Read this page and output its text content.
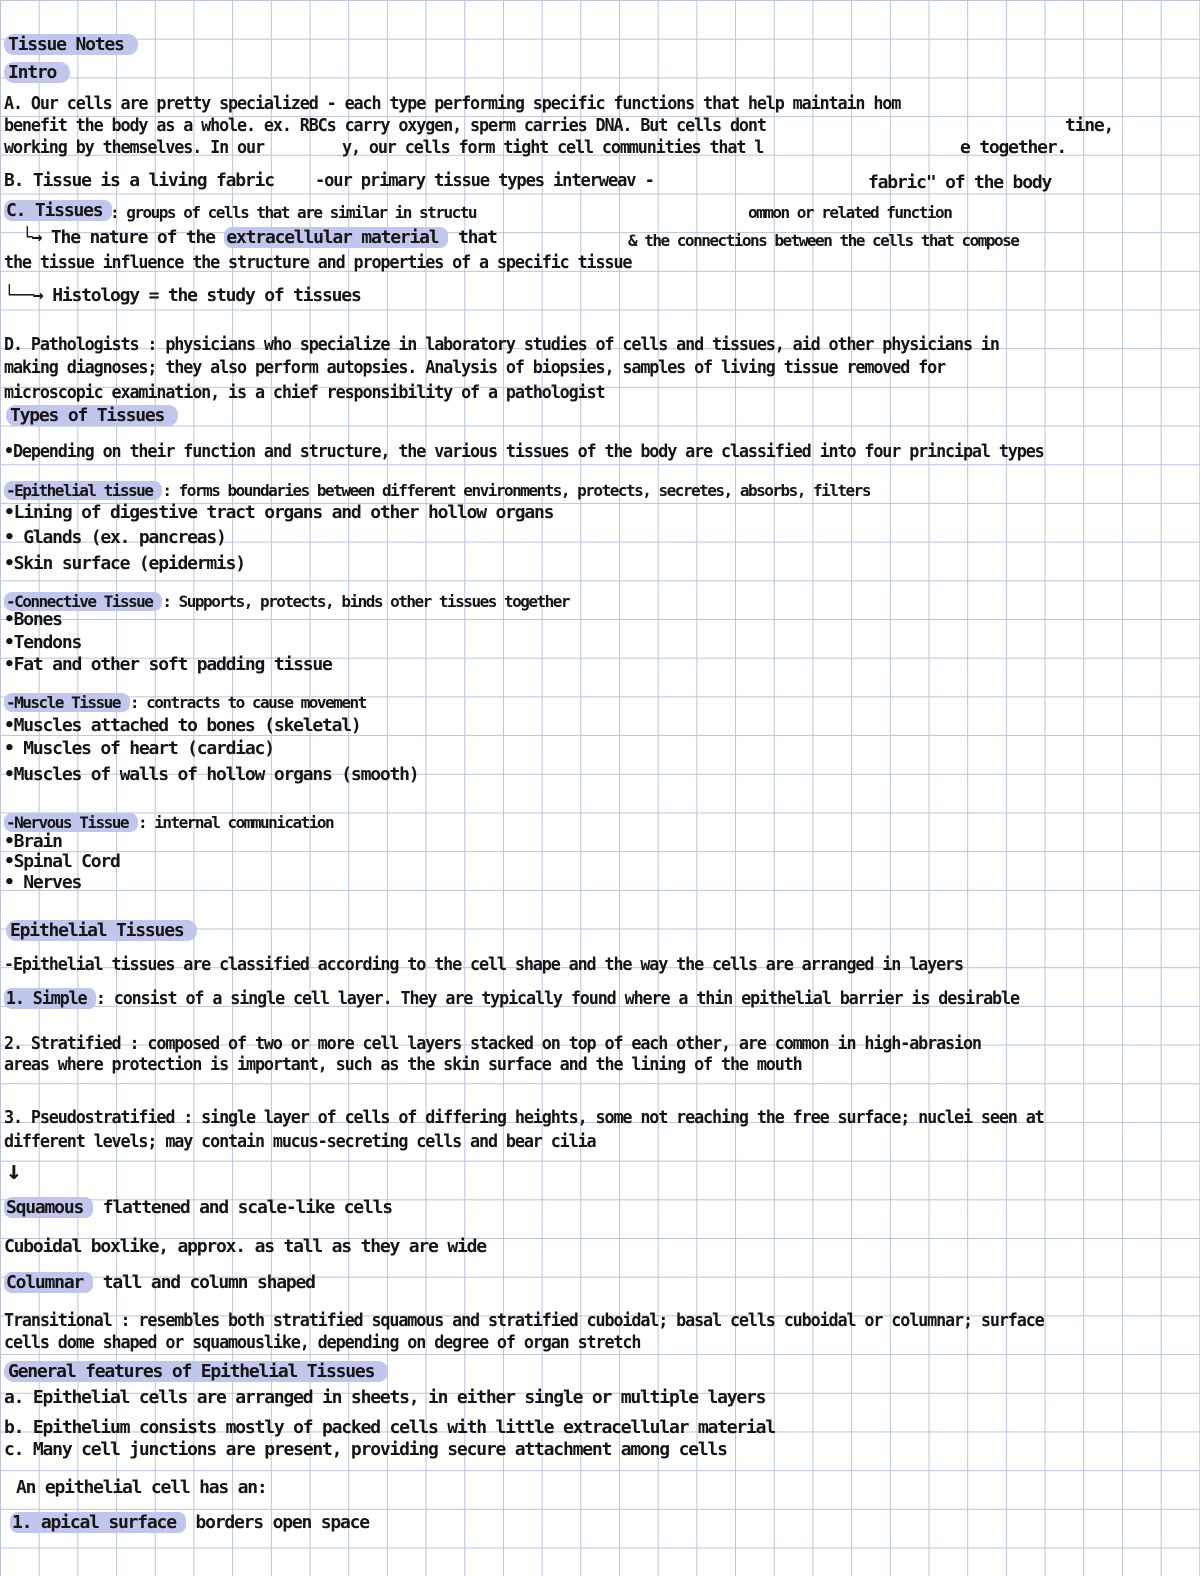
Tissue Notes
Intro
A. Our cells are pretty specialized - each type performing specific functions that help maintain hom
benefit the body as a whole. ex. RBCs carry oxygen, sperm carries DNA. But cells dont	tine,
working by themselves. In our	y, our cells form tight cell communities that l	e together.
B. Tissue is a living fabric -our primary tissue types interweav -	fabric" of the body
C. Tissues : groups of cells that are similar in structu	ommon or related function
└→ The nature of the extracellular material that	& the connections between the cells that compose
the tissue influence the structure and properties of a specific tissue
└──→ Histology = the study of tissues
D. Pathologists : physicians who specialize in laboratory studies of cells and tissues, aid other physicians in
making diagnoses; they also perform autopsies. Analysis of biopsies, samples of living tissue removed for
microscopic examination, is a chief responsibility of a pathologist
Types of Tissues
•Depending on their function and structure, the various tissues of the body are classified into four principal types
-Epithelial tissue : forms boundaries between different environments, protects, secretes, absorbs, filters
•Lining of digestive tract organs and other hollow organs
• Glands (ex. pancreas)
•Skin surface (epidermis)
-Connective Tissue : Supports, protects, binds other tissues together
•Bones
•Tendons
•Fat and other soft padding tissue
-Muscle Tissue : contracts to cause movement
•Muscles attached to bones (skeletal)
• Muscles of heart (cardiac)
•Muscles of walls of hollow organs (smooth)
-Nervous Tissue : internal communication
•Brain
•Spinal Cord
• Nerves
Epithelial Tissues
-Epithelial tissues are classified according to the cell shape and the way the cells are arranged in layers
1. Simple : consist of a single cell layer. They are typically found where a thin epithelial barrier is desirable
2. Stratified : composed of two or more cell layers stacked on top of each other, are common in high-abrasion
areas where protection is important, such as the skin surface and the lining of the mouth
3. Pseudostratified : single layer of cells of differing heights, some not reaching the free surface; nuclei seen at
different levels; may contain mucus-secreting cells and bear cilia
↓
Squamous flattened and scale-like cells
Cuboidal boxlike, approx. as tall as they are wide
Columnar tall and column shaped
Transitional : resembles both stratified squamous and stratified cuboidal; basal cells cuboidal or columnar; surface
cells dome shaped or squamouslike, depending on degree of organ stretch
General features of Epithelial Tissues
a. Epithelial cells are arranged in sheets, in either single or multiple layers
b. Epithelium consists mostly of packed cells with little extracellular material
c. Many cell junctions are present, providing secure attachment among cells
An epithelial cell has an:
1. apical surface borders open space
